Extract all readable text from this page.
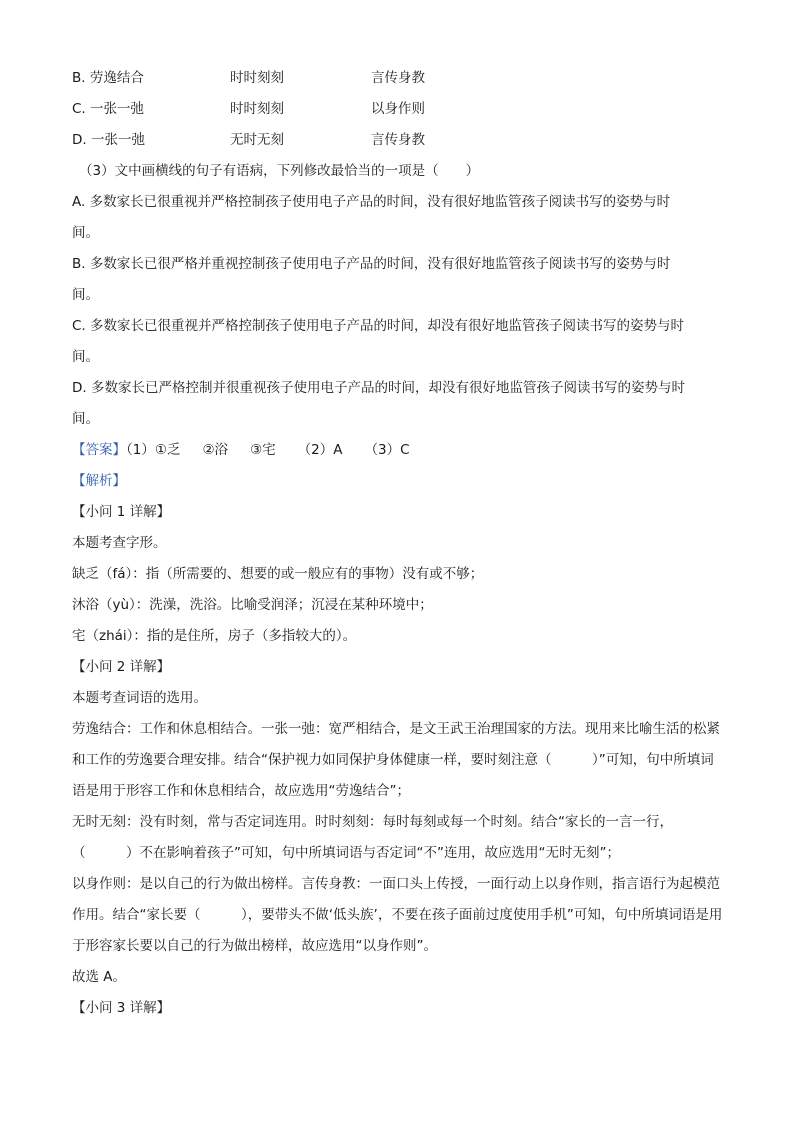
B. 劳逸结合	时时刻刻	言传身教
C. 一张一弛	时时刻刻	以身作则
D. 一张一弛	无时无刻	言传身教
（3）文中画横线的句子有语病，下列修改最恰当的一项是（　　）
A. 多数家长已很重视并严格控制孩子使用电子产品的时间，没有很好地监管孩子阅读书写的姿势与时
间。
B. 多数家长已很严格并重视控制孩子使用电子产品的时间，没有很好地监管孩子阅读书写的姿势与时
间。
C. 多数家长已很重视并严格控制孩子使用电子产品的时间，却没有很好地监管孩子阅读书写的姿势与时
间。
D. 多数家长已严格控制并很重视孩子使用电子产品的时间，却没有很好地监管孩子阅读书写的姿势与时
间。
【答案】（1）①乏 ②浴 ③宅 （2）A （3）C
【解析】
【小问 1 详解】
本题考查字形。
缺乏（fá）：指（所需要的、想要的或一般应有的事物）没有或不够；
沐浴（yù）：洗澡，洗浴。比喻受润泽；沉浸在某种环境中；
宅（zhái）：指的是住所，房子（多指较大的）。
【小问 2 详解】
本题考查词语的选用。
劳逸结合：工作和休息相结合。一张一弛：宽严相结合，是文王武王治理国家的方法。现用来比喻生活的松紧和工作的劳逸要合理安排。结合“保护视力如同保护身体健康一样，要时刻注意（　　　）”可知，句中所填词语是用于形容工作和休息相结合，故应选用“劳逸结合”；
无时无刻：没有时刻，常与否定词连用。时时刻刻：每时每刻或每一个时刻。结合“家长的一言一行，（　　　）不在影响着孩子”可知，句中所填词语与否定词“不”连用，故应选用“无时无刻”；
以身作则：是以自己的行为做出榜样。言传身教：一面口头上传授，一面行动上以身作则，指言语行为起模范作用。结合“家长要（　　　），要带头不做‘低头族’，不要在孩子面前过度使用手机”可知，句中所填词语是用于形容家长要以自己的行为做出榜样，故应选用“以身作则”。
故选 A。
【小问 3 详解】
